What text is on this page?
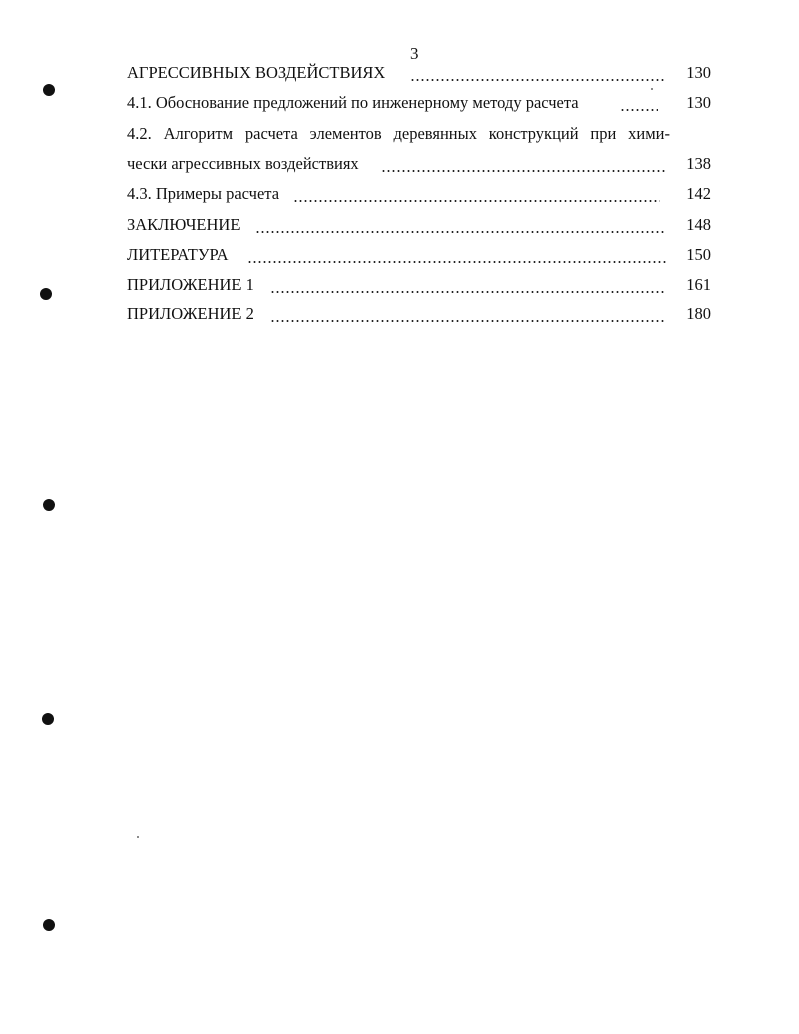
3
АГРЕССИВНЫХ ВОЗДЕЙСТВИЯХ	130
4.1. Обоснование предложений по инженерному методу расчета	130
4.2. Алгоритм расчета элементов деревянных конструкций при хими-
чески агрессивных воздействиях	138
4.3. Примеры расчета	142
ЗАКЛЮЧЕНИЕ	148
ЛИТЕРАТУРА	150
ПРИЛОЖЕНИЕ 1	161
ПРИЛОЖЕНИЕ 2	180
